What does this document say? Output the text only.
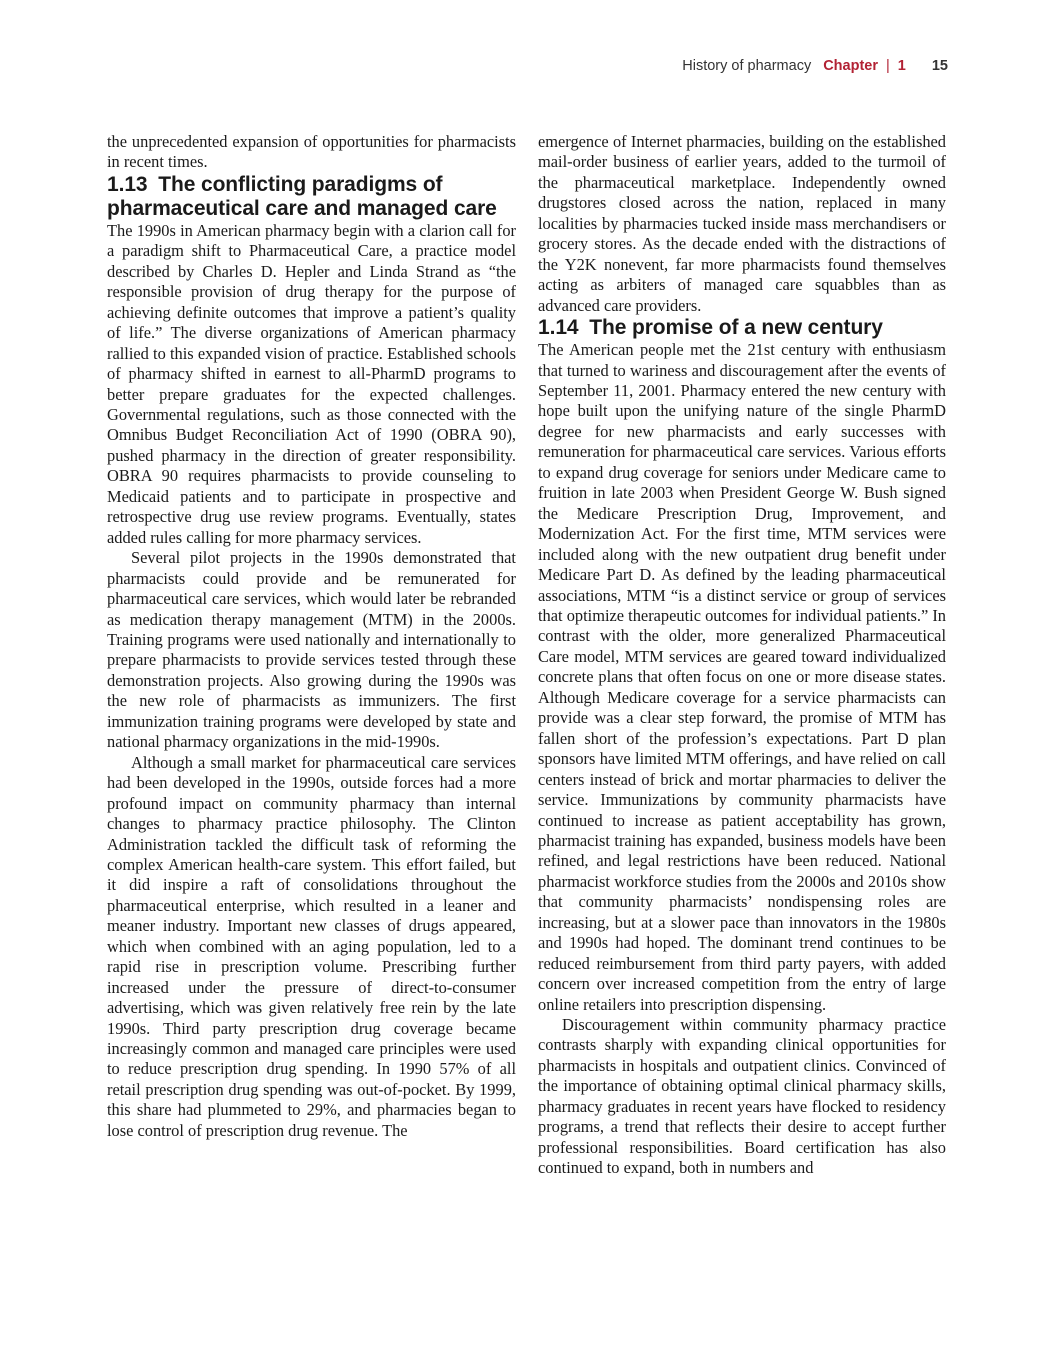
History of pharmacy Chapter | 1 15

the unprecedented expansion of opportunities for pharmacists in recent times.

1.13 The conflicting paradigms of pharmaceutical care and managed care

The 1990s in American pharmacy begin with a clarion call for a paradigm shift to Pharmaceutical Care, a practice model described by Charles D. Hepler and Linda Strand as “the responsible provision of drug therapy for the purpose of achieving definite outcomes that improve a patient’s quality of life.” The diverse organizations of American pharmacy rallied to this expanded vision of practice. Established schools of pharmacy shifted in earnest to all-PharmD programs to better prepare graduates for the expected challenges. Governmental regulations, such as those connected with the Omnibus Budget Reconciliation Act of 1990 (OBRA 90), pushed pharmacy in the direction of greater responsibility. OBRA 90 requires pharmacists to provide counseling to Medicaid patients and to participate in prospective and retrospective drug use review programs. Eventually, states added rules calling for more pharmacy services.

Several pilot projects in the 1990s demonstrated that pharmacists could provide and be remunerated for pharmaceutical care services, which would later be rebranded as medication therapy management (MTM) in the 2000s. Training programs were used nationally and internationally to prepare pharmacists to provide services tested through these demonstration projects. Also growing during the 1990s was the new role of pharmacists as immunizers. The first immunization training programs were developed by state and national pharmacy organizations in the mid-1990s.

Although a small market for pharmaceutical care services had been developed in the 1990s, outside forces had a more profound impact on community pharmacy than internal changes to pharmacy practice philosophy. The Clinton Administration tackled the difficult task of reforming the complex American health-care system. This effort failed, but it did inspire a raft of consolidations throughout the pharmaceutical enterprise, which resulted in a leaner and meaner industry. Important new classes of drugs appeared, which when combined with an aging population, led to a rapid rise in prescription volume. Prescribing further increased under the pressure of direct-to-consumer advertising, which was given relatively free rein by the late 1990s. Third party prescription drug coverage became increasingly common and managed care principles were used to reduce prescription drug spending. In 1990 57% of all retail prescription drug spending was out-of-pocket. By 1999, this share had plummeted to 29%, and pharmacies began to lose control of prescription drug revenue. The

emergence of Internet pharmacies, building on the established mail-order business of earlier years, added to the turmoil of the pharmaceutical marketplace. Independently owned drugstores closed across the nation, replaced in many localities by pharmacies tucked inside mass merchandisers or grocery stores. As the decade ended with the distractions of the Y2K nonevent, far more pharmacists found themselves acting as arbiters of managed care squabbles than as advanced care providers.

1.14 The promise of a new century

The American people met the 21st century with enthusiasm that turned to wariness and discouragement after the events of September 11, 2001. Pharmacy entered the new century with hope built upon the unifying nature of the single PharmD degree for new pharmacists and early successes with remuneration for pharmaceutical care services. Various efforts to expand drug coverage for seniors under Medicare came to fruition in late 2003 when President George W. Bush signed the Medicare Prescription Drug, Improvement, and Modernization Act. For the first time, MTM services were included along with the new outpatient drug benefit under Medicare Part D. As defined by the leading pharmaceutical associations, MTM “is a distinct service or group of services that optimize therapeutic outcomes for individual patients.” In contrast with the older, more generalized Pharmaceutical Care model, MTM services are geared toward individualized concrete plans that often focus on one or more disease states. Although Medicare coverage for a service pharmacists can provide was a clear step forward, the promise of MTM has fallen short of the profession’s expectations. Part D plan sponsors have limited MTM offerings, and have relied on call centers instead of brick and mortar pharmacies to deliver the service. Immunizations by community pharmacists have continued to increase as patient acceptability has grown, pharmacist training has expanded, business models have been refined, and legal restrictions have been reduced. National pharmacist workforce studies from the 2000s and 2010s show that community pharmacists’ nondispensing roles are increasing, but at a slower pace than innovators in the 1980s and 1990s had hoped. The dominant trend continues to be reduced reimbursement from third party payers, with added concern over increased competition from the entry of large online retailers into prescription dispensing.

Discouragement within community pharmacy practice contrasts sharply with expanding clinical opportunities for pharmacists in hospitals and outpatient clinics. Convinced of the importance of obtaining optimal clinical pharmacy skills, pharmacy graduates in recent years have flocked to residency programs, a trend that reflects their desire to accept further professional responsibilities. Board certification has also continued to expand, both in numbers and
